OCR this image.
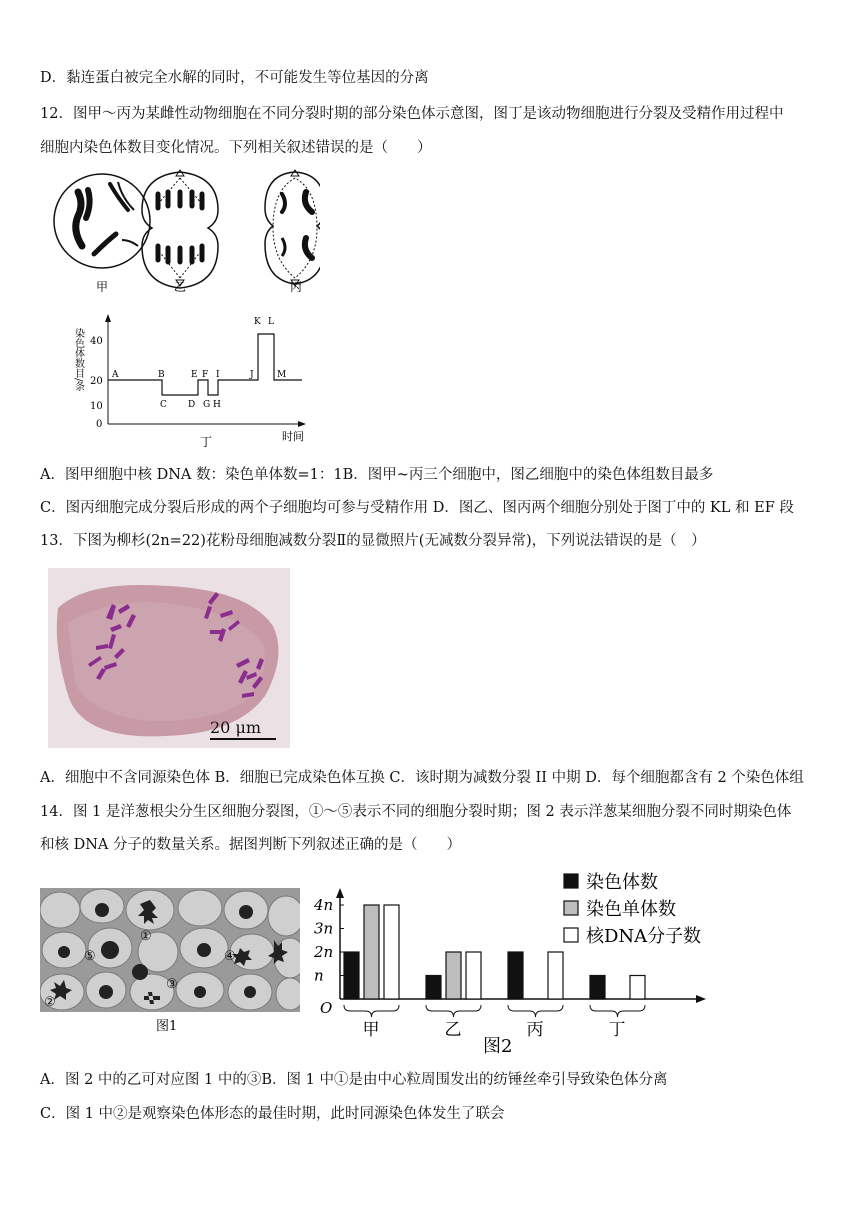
D．黏连蛋白被完全水解的同时，不可能发生等位基因的分离
12．图甲～丙为某雌性动物细胞在不同分裂时期的部分染色体示意图，图丁是该动物细胞进行分裂及受精作用过程中
细胞内染色体数目变化情况。下列相关叙述错误的是（　　）
甲	乙	丙
染色体数目/条
0
10
20
40
A	B
C D
E F
G H
I	J
K L
M
时间
丁
A．图甲细胞中核 DNA 数：染色单体数=1：1B．图甲~丙三个细胞中，图乙细胞中的染色体组数目最多
C．图丙细胞完成分裂后形成的两个子细胞均可参与受精作用 D．图乙、图丙两个细胞分别处于图丁中的 KL 和 EF 段
13．下图为柳杉(2n=22)花粉母细胞减数分裂Ⅱ的显微照片(无减数分裂异常)，下列说法错误的是（　）
20 μm
A．细胞中不含同源染色体 B．细胞已完成染色体互换 C．该时期为减数分裂 II 中期 D．每个细胞都含有 2 个染色体组
14．图 1 是洋葱根尖分生区细胞分裂图，①～⑤表示不同的细胞分裂时期；图 2 表示洋葱某细胞分裂不同时期染色体
和核 DNA 分子的数量关系。据图判断下列叙述正确的是（　　）
①
②
③
④
⑤
图1
染色体数
染色单体数
核DNA分子数
4n
3n
2n
n
O
甲	乙	丙	丁
图2
A．图 2 中的乙可对应图 1 中的③B．图 1 中①是由中心粒周围发出的纺锤丝牵引导致染色体分离
C．图 1 中②是观察染色体形态的最佳时期，此时同源染色体发生了联会
